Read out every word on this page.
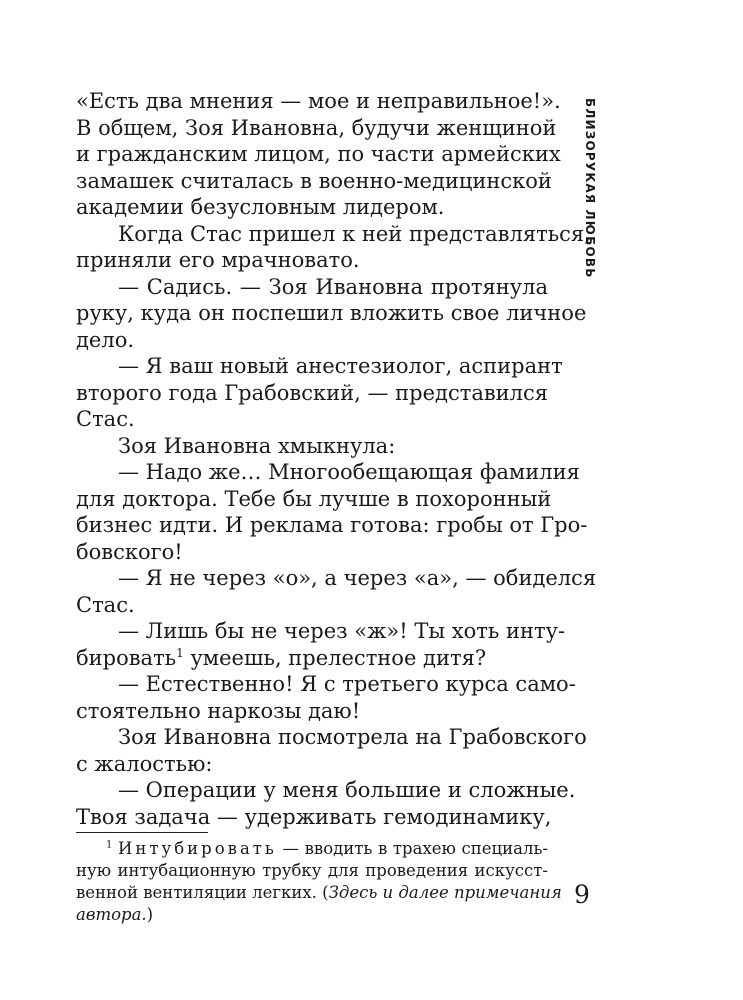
БЛИЗОРУКАЯ ЛЮБОВЬ
«Есть два мнения — мое и неправильное!».
В общем, Зоя Ивановна, будучи женщиной
и гражданским лицом, по части армейских
замашек считалась в военно-медицинской
академии безусловным лидером.
Когда Стас пришел к ней представляться,
приняли его мрачновато.
— Садись. — Зоя Ивановна протянула
руку, куда он поспешил вложить свое личное
дело.
— Я ваш новый анестезиолог, аспирант
второго года Грабовский, — представился
Стас.
Зоя Ивановна хмыкнула:
— Надо же… Многообещающая фамилия
для доктора. Тебе бы лучше в похоронный
бизнес идти. И реклама готова: гробы от Гро-
бовского!
— Я не через «о», а через «а», — обиделся
Стас.
— Лишь бы не через «ж»! Ты хоть инту-
бировать$^1$ умеешь, прелестное дитя?
— Естественно! Я с третьего курса само-
стоятельно наркозы даю!
Зоя Ивановна посмотрела на Грабовского
с жалостью:
— Операции у меня большие и сложные.
Твоя задача — удерживать гемодинамику,
$^1$ Интубировать — вводить в трахею специаль-
ную интубационную трубку для проведения искусст-
венной вентиляции легких. (Здесь и далее примечания
автора.)
9
